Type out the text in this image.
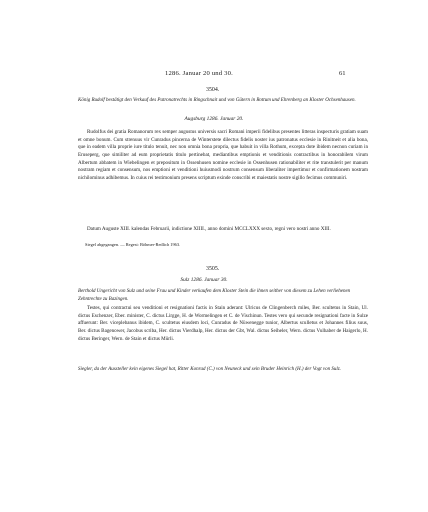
1286. Januar 20 und 30.	61
3504.
König Rudolf bestätigt den Verkauf des Patronatrechts in Ringschnait und von Gütern in Rottum und Ehrenberg an Kloster Ochsenhausen.
Augsburg 1286. Januar 20.
Rudolfus dei gratia Romanorum rex semper augustus universis sacri Romani imperii fidelibus presentes litteras inspecturis gratiam suam et omne bonum. Cum strenuus vir Cunradus pincerna de Winterstete dilectus fidelis noster ius patronatus ecclesie in Rinitneit et alia bona, que in eadem villa proprie iure titulo tenuit, nec non omnia bona propria, que habuit in villa Rothum, excepta dote ibidem necnon curiam in Eruseperg, que similiter ad eum proprietatis titulo pertinebat, mediantibus emptionis et venditionis contractibus in honorabilem virum Albertum abbatem in Wiebelingen et prepositum in Ossenhusen nomine ecclesie in Ossenhusen rationabiliter et rite transtulerit per manum nostram regiam et consensum, nos emptioni et venditioni huiusmodi nostrum consensum liberaliter impertimur et confirmationem nostram nichilominus adhibemus. In cuius rei testimonium presens scriptum exinde conscribi et maiestatis nostre sigillo fecimus communiri.
Datum Auguste XIII. kalendas Februarii, indictione XIIII., anno domini MCCLXXX sexto, regni vero nostri anno XIII.
Siegel abgegangen. — Regest: Böhmer-Redlich 1963.
3505.
Sulz 1286. Januar 30.
Berthold Ungericht von Sulz und seine Frau und Kinder verkaufen dem Kloster Stein die ihnen seither von diesem zu Lehen verliehenen Zehntrechte zu Bazingen.
Testes, qui contractui seu venditioni et resignationi factis in Stain aderant: Ulricus de Clingenberch miles, Ber. scultetus in Stain, Ul. dictus Eschenzer, Eber. minister, C. dictus Lirgge, H. de Wormelingen et C. de Vischinun. Testes vero qui secunde resignationi facte in Sulze affuerunt: Ber. viceplebanus ibidem, C. scultetus eiusdem loci, Cunradus de Nüwenegge tunior, Albertus sculletus et Johannes filius suus, Ber. dictus Bagenower, Jacobus scriba, Her. dictus Vierdhalp, Her. dictus der Gbt, Wal. dictus Seiheler, Wern. dictus Vulhaber de Haigerlo, H. dictus Beringer, Wern. de Stain et dictus Mürli.
Siegler, da der Aussteller kein eigenes Siegel hat, Ritter Konrad (C.) von Neuneck und sein Bruder Heinrich (H.) der Vogt von Sulz.
